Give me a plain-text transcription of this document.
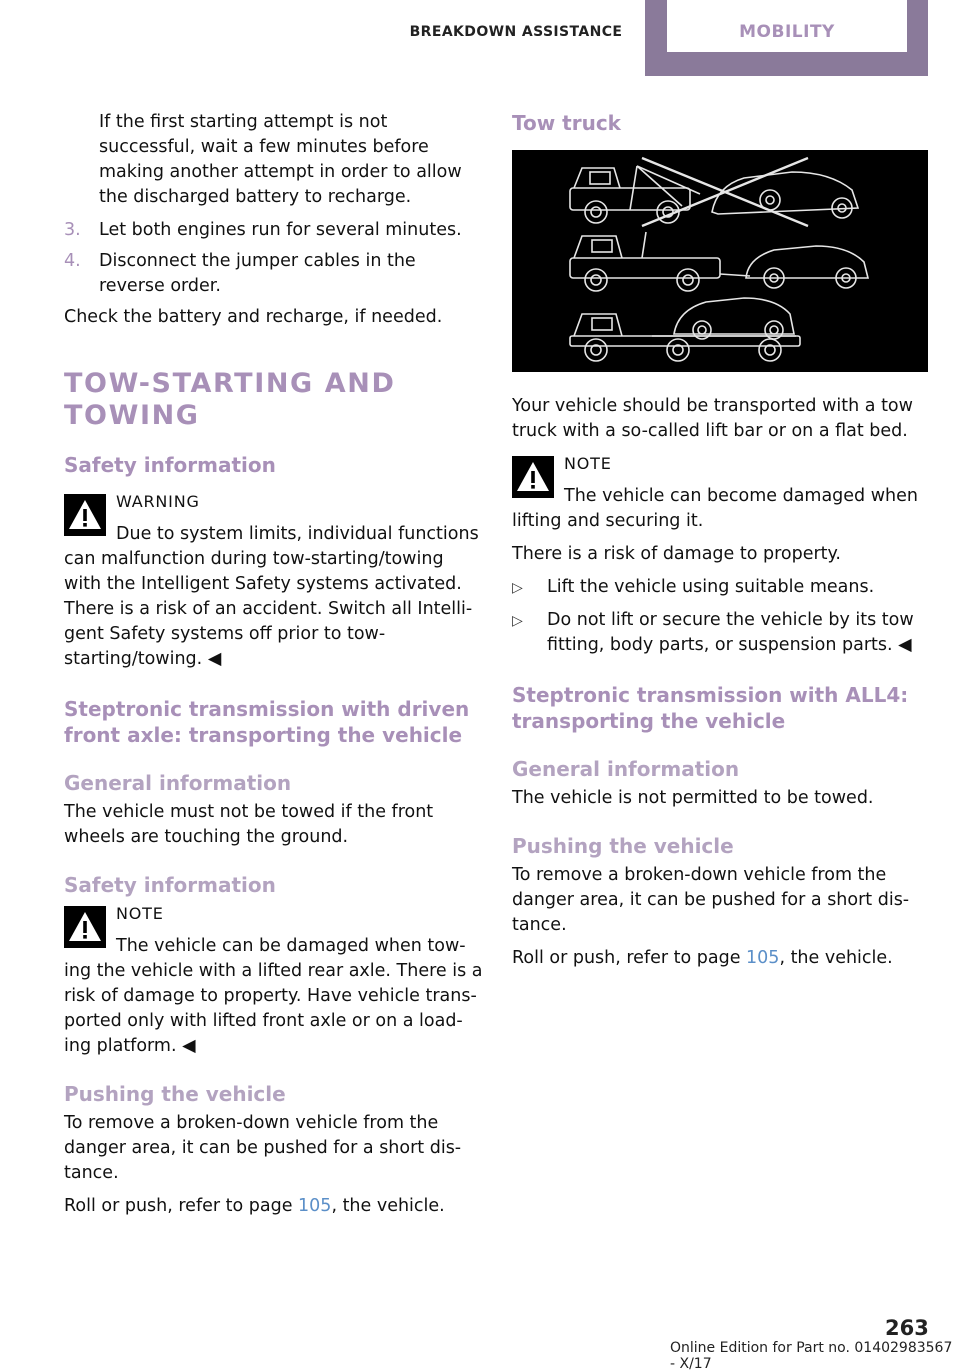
BREAKDOWN ASSISTANCE	MOBILITY

If the first starting attempt is not successful, wait a few minutes before making another attempt in order to allow the discharged battery to recharge.

3.	Let both engines run for several minutes.
4.	Disconnect the jumper cables in the reverse order.

Check the battery and recharge, if needed.

TOW-STARTING AND TOWING
Safety information
WARNING

Due to system limits, individual functions can malfunction during tow-starting/towing with the Intelligent Safety systems activated. There is a risk of an accident. Switch all Intelli-gent Safety systems off prior to tow-starting/towing. ◀

Steptronic transmission with driven front axle: transporting the vehicle
General information

The vehicle must not be towed if the front wheels are touching the ground.

Safety information
NOTE

The vehicle can be damaged when tow- ing the vehicle with a lifted rear axle. There is a risk of damage to property. Have vehicle trans-ported only with lifted front axle or on a load-ing platform. ◀

Pushing the vehicle

To remove a broken-down vehicle from the danger area, it can be pushed for a short dis-tance.

Roll or push, refer to page 105, the vehicle.

Tow truck

Your vehicle should be transported with a tow truck with a so-called lift bar or on a flat bed.

NOTE

The vehicle can become damaged when lifting and securing it.

There is a risk of damage to property.

▷	Lift the vehicle using suitable means.
▷	Do not lift or secure the vehicle by its tow fitting, body parts, or suspension parts. ◀
Steptronic transmission with ALL4: transporting the vehicle
General information

The vehicle is not permitted to be towed.

Pushing the vehicle

To remove a broken-down vehicle from the danger area, it can be pushed for a short dis-tance.

Roll or push, refer to page 105, the vehicle.

263
Online Edition for Part no. 01402983567 - X/17
